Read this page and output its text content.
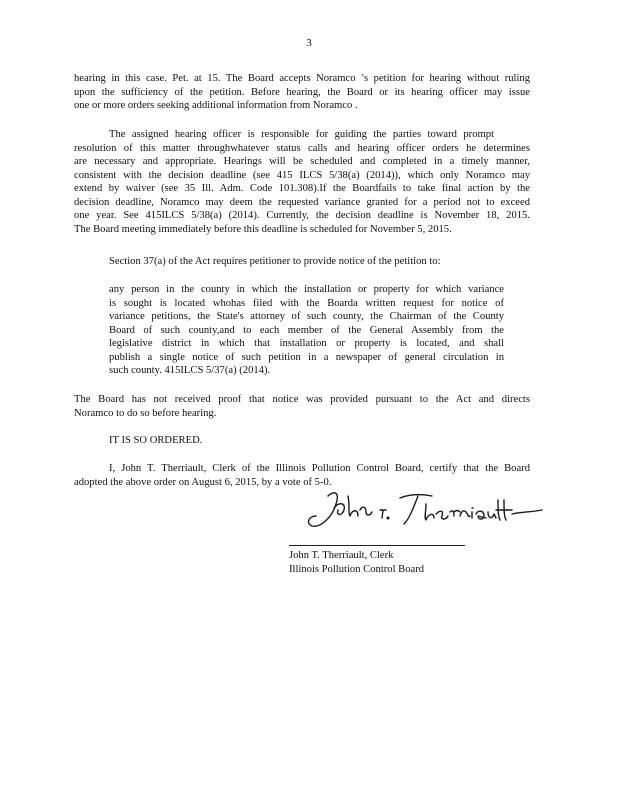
3
hearing in this case. Pet. at 15. The Board accepts Noramco ’s petition for hearing without ruling
upon the sufficiency of the petition. Before hearing, the Board or its hearing officer may issue
one or more orders seeking additional information from Noramco .
The assigned hearing officer is responsible for guiding the parties toward prompt
resolution of this matter throughwhatever status calls and hearing officer orders he determines
are necessary and appropriate. Hearings will be scheduled and completed in a timely manner,
consistent with the decision deadline (see 415 ILCS 5/38(a) (2014)), which only Noramco may
extend by waiver (see 35 Ill. Adm. Code 101.308).If the Boardfails to take final action by the
decision deadline, Noramco may deem the requested variance granted for a period not to exceed
one year. See 415ILCS 5/38(a) (2014). Currently, the decision deadline is November 18, 2015.
The Board meeting immediately before this deadline is scheduled for November 5, 2015.
Section 37(a) of the Act requires petitioner to provide notice of the petition to:
any person in the county in which the installation or property for which variance
is sought is located whohas filed with the Boarda written request for notice of
variance petitions, the State's attorney of such county, the Chairman of the County
Board of such county,and to each member of the General Assembly from the
legislative district in which that installation or property is located, and shall
publish a single notice of such petition in a newspaper of general circulation in
such county. 415ILCS 5/37(a) (2014).
The Board has not received proof that notice was provided pursuant to the Act and directs
Noramco to do so before hearing.
IT IS SO ORDERED.
I, John T. Therriault, Clerk of the Illinois Pollution Control Board, certify that the Board
adopted the above order on August 6, 2015, by a vote of 5-0.
John T. Therriault, Clerk
Illinois Pollution Control Board
